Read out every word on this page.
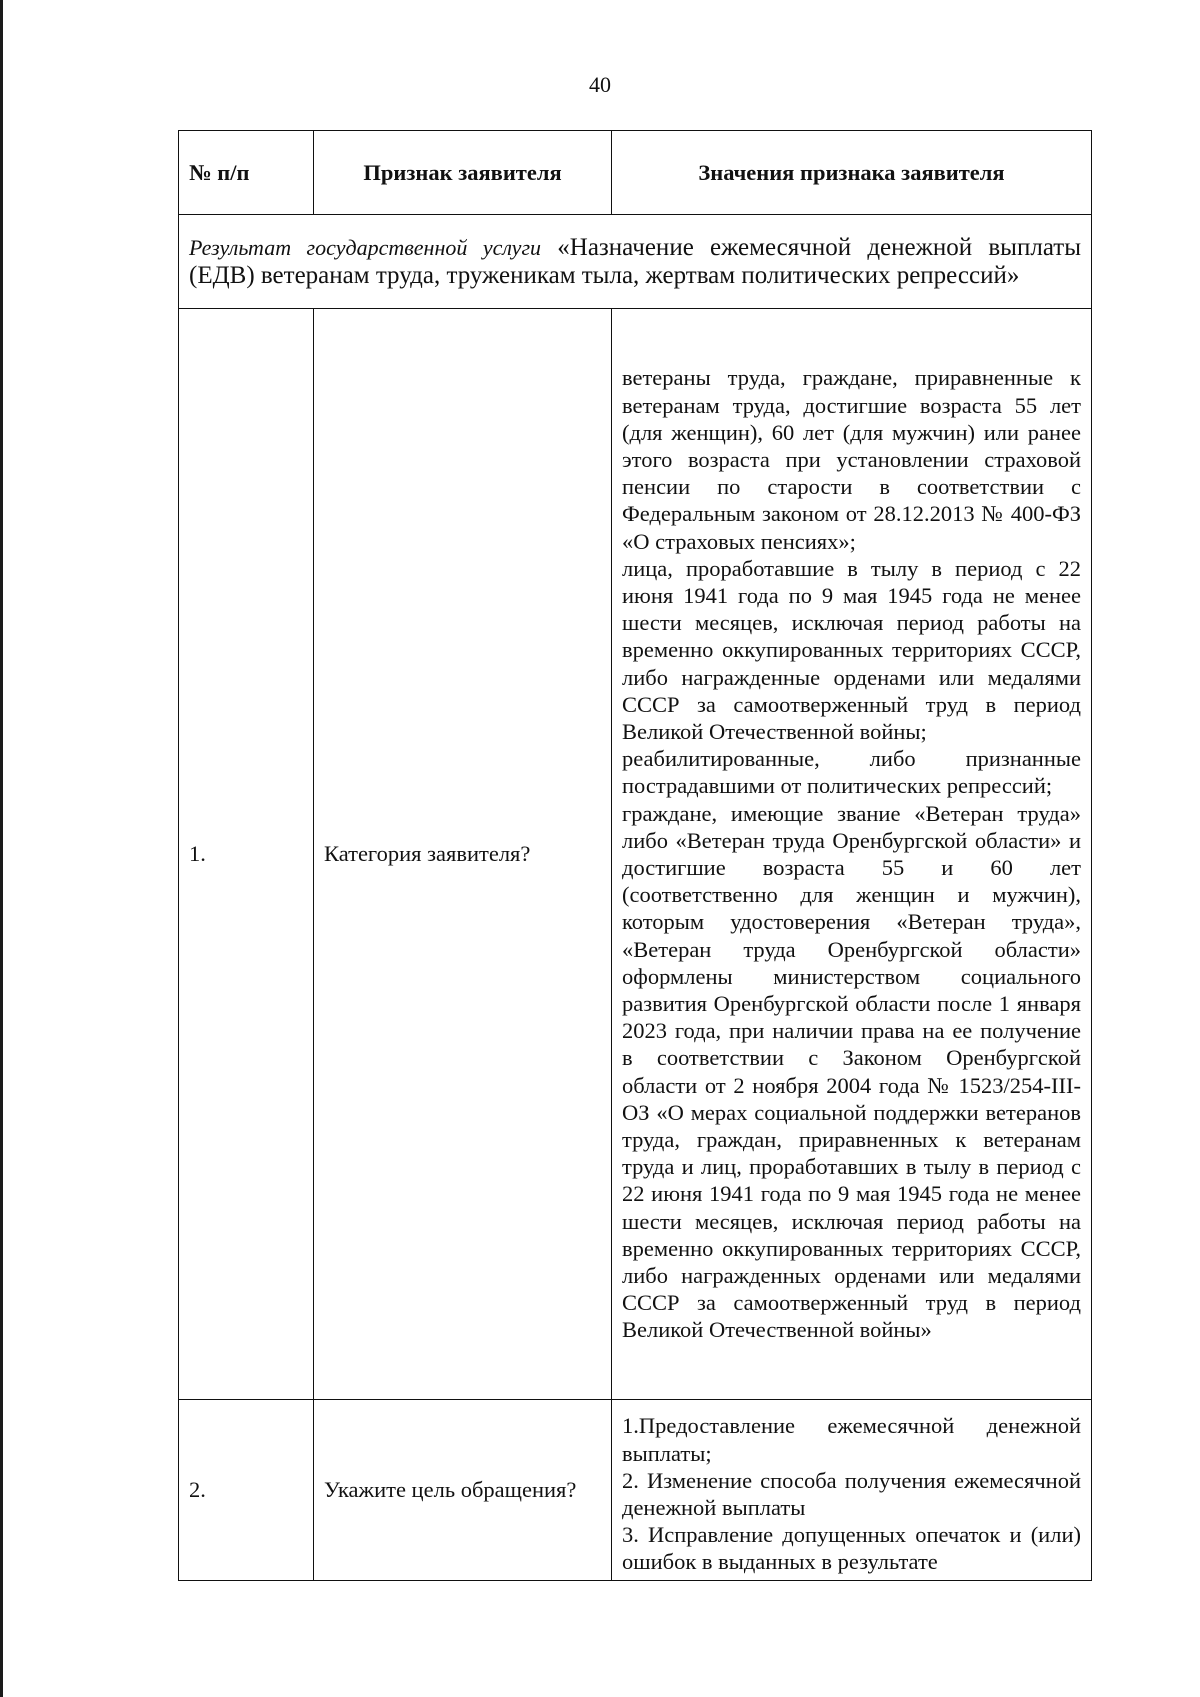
40
№ п/п	Признак заявителя	Значения признака заявителя
Результат государственной услуги «Назначение ежемесячной денежной выплаты (ЕДВ) ветеранам труда, труженикам тыла, жертвам политических репрессий»		
1.	Категория заявителя?	ветераны труда, граждане, приравненные к ветеранам труда, достигшие возраста 55 лет (для женщин), 60 лет (для мужчин) или ранее этого возраста при установлении страховой пенсии по старости в соответствии с Федеральным законом от 28.12.2013 № 400-ФЗ «О страховых пенсиях»;
лица, проработавшие в тылу в период с 22 июня 1941 года по 9 мая 1945 года не менее шести месяцев, исключая период работы на временно оккупированных территориях СССР, либо награжденные орденами или медалями СССР за самоотверженный труд в период Великой Отечественной войны;
реабилитированные, либо признанные пострадавшими от политических репрессий;
граждане, имеющие звание «Ветеран труда» либо «Ветеран труда Оренбургской области» и достигшие возраста 55 и 60 лет (соответственно для женщин и мужчин), которым удостоверения «Ветеран труда», «Ветеран труда Оренбургской области» оформлены министерством социального развития Оренбургской области после 1 января 2023 года, при наличии права на ее получение в соответствии с Законом Оренбургской области от 2 ноября 2004 года № 1523/254-III-ОЗ «О мерах социальной поддержки ветеранов труда, граждан, приравненных к ветеранам труда и лиц, проработавших в тылу в период с 22 июня 1941 года по 9 мая 1945 года не менее шести месяцев, исключая период работы на временно оккупированных территориях СССР, либо награжденных орденами или медалями СССР за самоотверженный труд в период Великой Отечественной войны»

2.	Укажите цель обращения?	1.Предоставление ежемесячной денежной выплаты;
2. Изменение способа получения ежемесячной денежной выплаты
3. Исправление допущенных опечаток и (или) ошибок в выданных в результате
